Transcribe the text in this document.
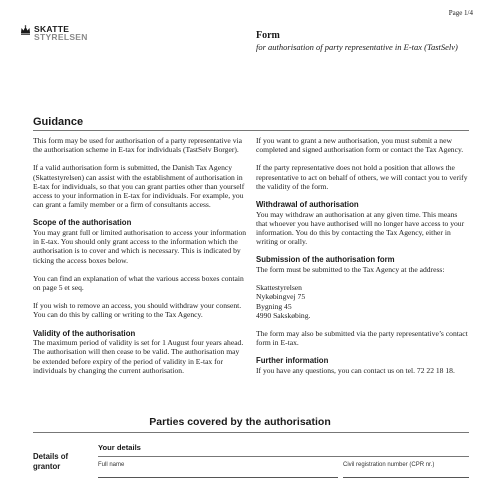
Page 1/4
SKATTE
STYRELSEN	Form
for authorisation of party representative in E-tax (TastSelv)
Guidance

This form may be used for authorisation of a party representative via the authorisation scheme in E-tax for individuals (TastSelv Borger).

If a valid authorisation form is submitted, the Danish Tax Agency (Skattestyrelsen) can assist with the establishment of authorisation in E-tax for individuals, so that you can grant parties other than yourself access to your information in E-tax for individuals. For example, you can grant a family member or a firm of consultants access.

Scope of the authorisation

You may grant full or limited authorisation to access your information in E-tax. You should only grant access to the information which the authorisation is to cover and which is necessary. This is indicated by ticking the access boxes below.

You can find an explanation of what the various access boxes contain on page 5 et seq.

If you wish to remove an access, you should withdraw your consent. You can do this by calling or writing to the Tax Agency.

Validity of the authorisation

The maximum period of validity is set for 1 August four years ahead. The authorisation will then cease to be valid. The authorisation may be extended before expiry of the period of validity in E-tax for individuals by changing the current authorisation.

If you want to grant a new authorisation, you must submit a new completed and signed authorisation form or contact the Tax Agency.

If the party representative does not hold a position that allows the representative to act on behalf of others, we will contact you to verify the validity of the form.

Withdrawal of authorisation

You may withdraw an authorisation at any given time. This means that whoever you have authorised will no longer have access to your information. You do this by contacting the Tax Agency, either in writing or orally.

Submission of the authorisation form

The form must be submitted to the Tax Agency at the address:

Skattestyrelsen
Nykøbingvej 75
Bygning 45
4990 Sakskøbing.

The form may also be submitted via the party representative’s contact form in E-tax.

Further information

If you have any questions, you can contact us on tel. 72 22 18 18.

Parties covered by the authorisation
Details of
grantor
Your details
Full name	Civil registration number (CPR nr.)
